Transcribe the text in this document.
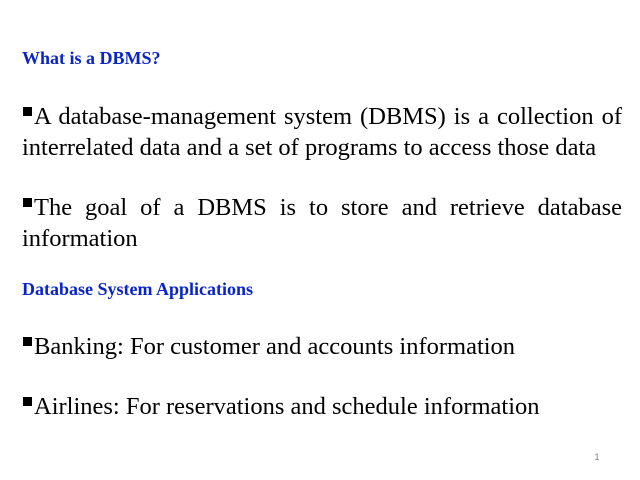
What is a DBMS?
A database-management system (DBMS) is a collection of interrelated data and a set of programs to access those data
The goal of a DBMS is to store and retrieve database information
Database System Applications
Banking: For customer and accounts information
Airlines: For reservations and schedule information
1
